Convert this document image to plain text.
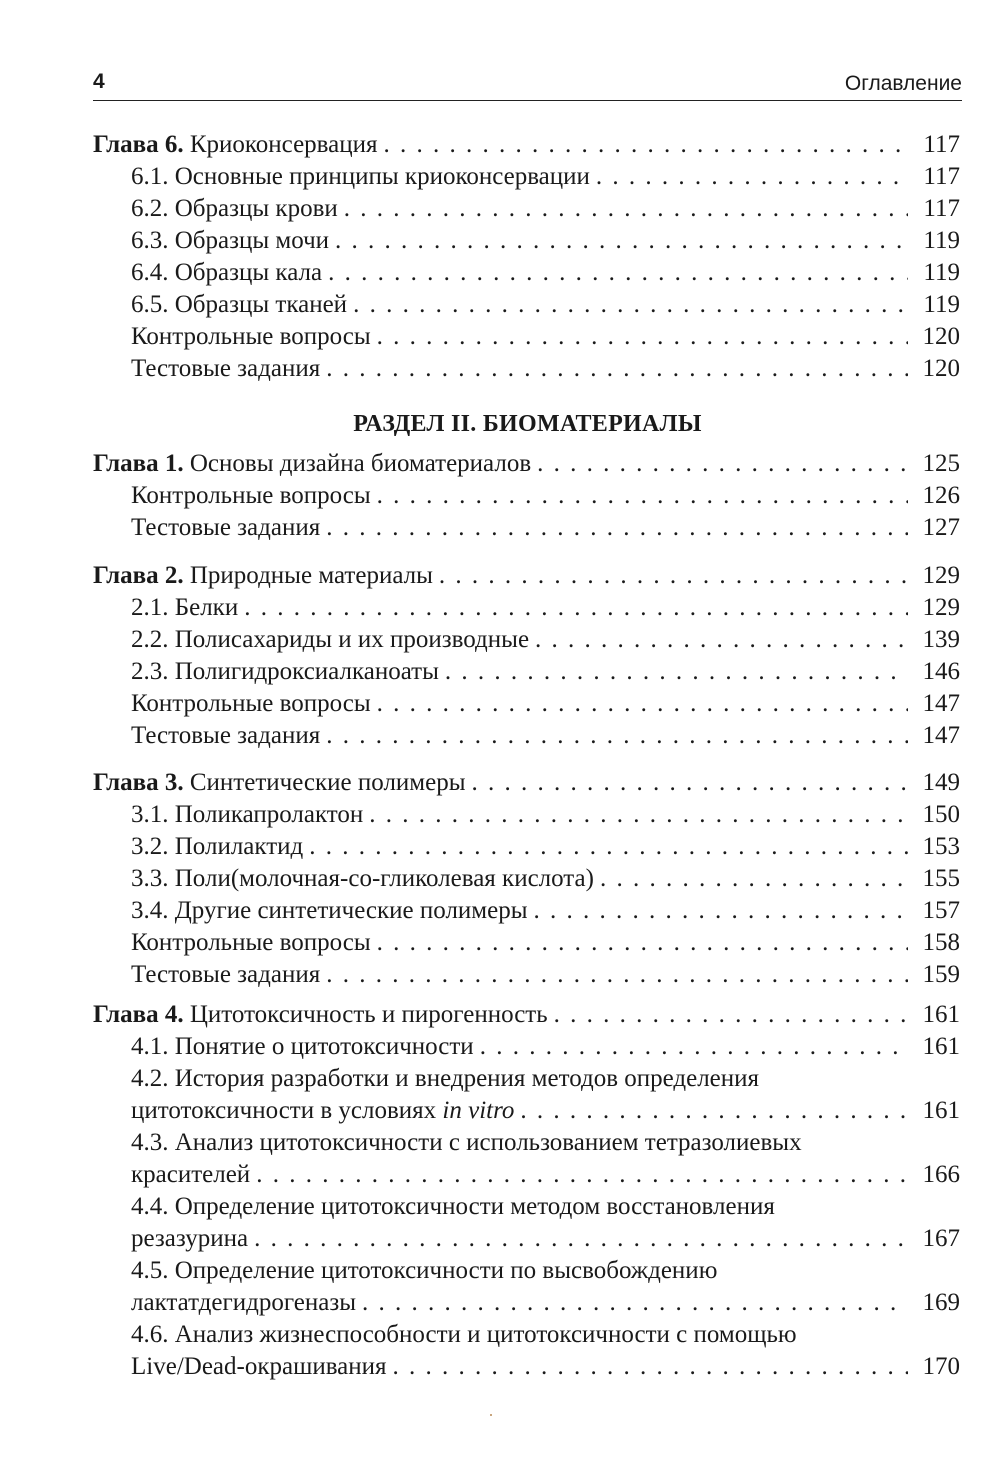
4	Оглавление
Глава 6. Криоконсервация . . .	117
6.1. Основные принципы криоконсервации . . .	117
6.2. Образцы крови . . .	117
6.3. Образцы мочи . . .	119
6.4. Образцы кала . . .	119
6.5. Образцы тканей . . .	119
Контрольные вопросы . . .	120
Тестовые задания . . .	120
РАЗДЕЛ II. БИОМАТЕРИАЛЫ
Глава 1. Основы дизайна биоматериалов . . .	125
Контрольные вопросы . . .	126
Тестовые задания . . .	127
Глава 2. Природные материалы . . .	129
2.1. Белки . . .	129
2.2. Полисахариды и их производные . . .	139
2.3. Полигидроксиалканоаты . . .	146
Контрольные вопросы . . .	147
Тестовые задания . . .	147
Глава 3. Синтетические полимеры . . .	149
3.1. Поликапролактон . . .	150
3.2. Полилактид . . .	153
3.3. Поли(молочная-со-гликолевая кислота) . . .	155
3.4. Другие синтетические полимеры . . .	157
Контрольные вопросы . . .	158
Тестовые задания . . .	159
Глава 4. Цитотоксичность и пирогенность . . .	161
4.1. Понятие о цитотоксичности . . .	161
4.2. История разработки и внедрения методов определения
цитотоксичности в условиях in vitro . . .	161
4.3. Анализ цитотоксичности с использованием тетразолиевых
красителей . . .	166
4.4. Определение цитотоксичности методом восстановления
резазурина . . .	167
4.5. Определение цитотоксичности по высвобождению
лактатдегидрогеназы . . .	169
4.6. Анализ жизнеспособности и цитотоксичности с помощью
Live/Dead-окрашивания . . .	170
